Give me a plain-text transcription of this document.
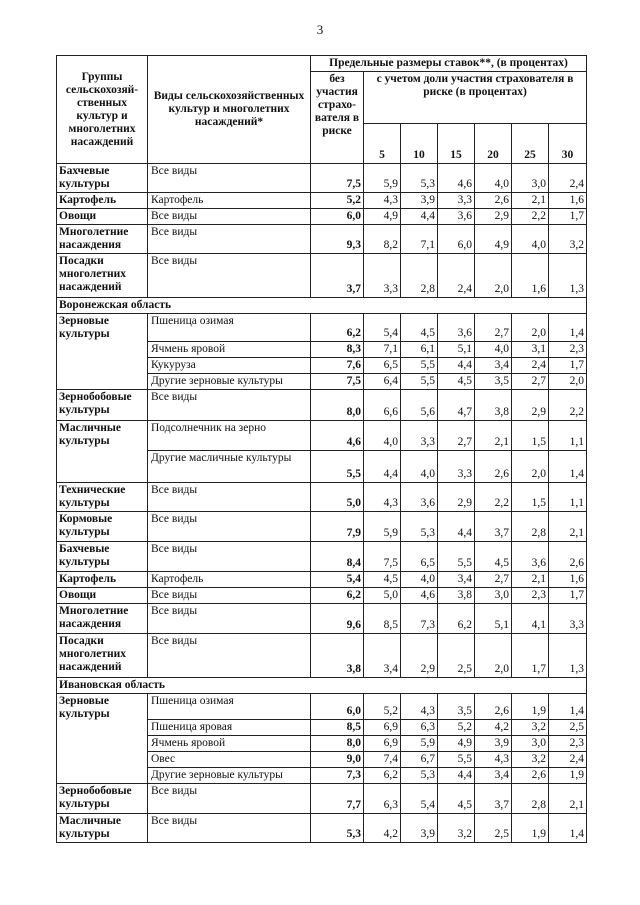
3
Группы сельскохозяй-ственных культур и многолетних насаждений	Виды сельскохозяйственных культур и многолетних насаждений*	Предельные размеры ставок**, (в процентах)						
		без участия страхо-вателя в риске	с учетом доли участия страхователя в риске (в процентах)					
			5	10	15	20	25	30
Бахчевые культуры	Все виды	7,5	5,9	5,3	4,6	4,0	3,0	2,4
Картофель	Картофель	5,2	4,3	3,9	3,3	2,6	2,1	1,6
Овощи	Все виды	6,0	4,9	4,4	3,6	2,9	2,2	1,7
Многолетние насаждения	Все виды	9,3	8,2	7,1	6,0	4,9	4,0	3,2
Посадки многолетних насаждений	Все виды	3,7	3,3	2,8	2,4	2,0	1,6	1,3
Воронежская область								
Зерновые культуры	Пшеница озимая	6,2	5,4	4,5	3,6	2,7	2,0	1,4
	Ячмень яровой	8,3	7,1	6,1	5,1	4,0	3,1	2,3
	Кукуруза	7,6	6,5	5,5	4,4	3,4	2,4	1,7
	Другие зерновые культуры	7,5	6,4	5,5	4,5	3,5	2,7	2,0
Зернобобовые культуры	Все виды	8,0	6,6	5,6	4,7	3,8	2,9	2,2
Масличные культуры	Подсолнечник на зерно	4,6	4,0	3,3	2,7	2,1	1,5	1,1
	Другие масличные культуры	5,5	4,4	4,0	3,3	2,6	2,0	1,4
Технические культуры	Все виды	5,0	4,3	3,6	2,9	2,2	1,5	1,1
Кормовые культуры	Все виды	7,9	5,9	5,3	4,4	3,7	2,8	2,1
Бахчевые культуры	Все виды	8,4	7,5	6,5	5,5	4,5	3,6	2,6
Картофель	Картофель	5,4	4,5	4,0	3,4	2,7	2,1	1,6
Овощи	Все виды	6,2	5,0	4,6	3,8	3,0	2,3	1,7
Многолетние насаждения	Все виды	9,6	8,5	7,3	6,2	5,1	4,1	3,3
Посадки многолетних насаждений	Все виды	3,8	3,4	2,9	2,5	2,0	1,7	1,3
Ивановская область								
Зерновые культуры	Пшеница озимая	6,0	5,2	4,3	3,5	2,6	1,9	1,4
	Пшеница яровая	8,5	6,9	6,3	5,2	4,2	3,2	2,5
	Ячмень яровой	8,0	6,9	5,9	4,9	3,9	3,0	2,3
	Овес	9,0	7,4	6,7	5,5	4,3	3,2	2,4
	Другие зерновые культуры	7,3	6,2	5,3	4,4	3,4	2,6	1,9
Зернобобовые культуры	Все виды	7,7	6,3	5,4	4,5	3,7	2,8	2,1
Масличные культуры	Все виды	5,3	4,2	3,9	3,2	2,5	1,9	1,4
